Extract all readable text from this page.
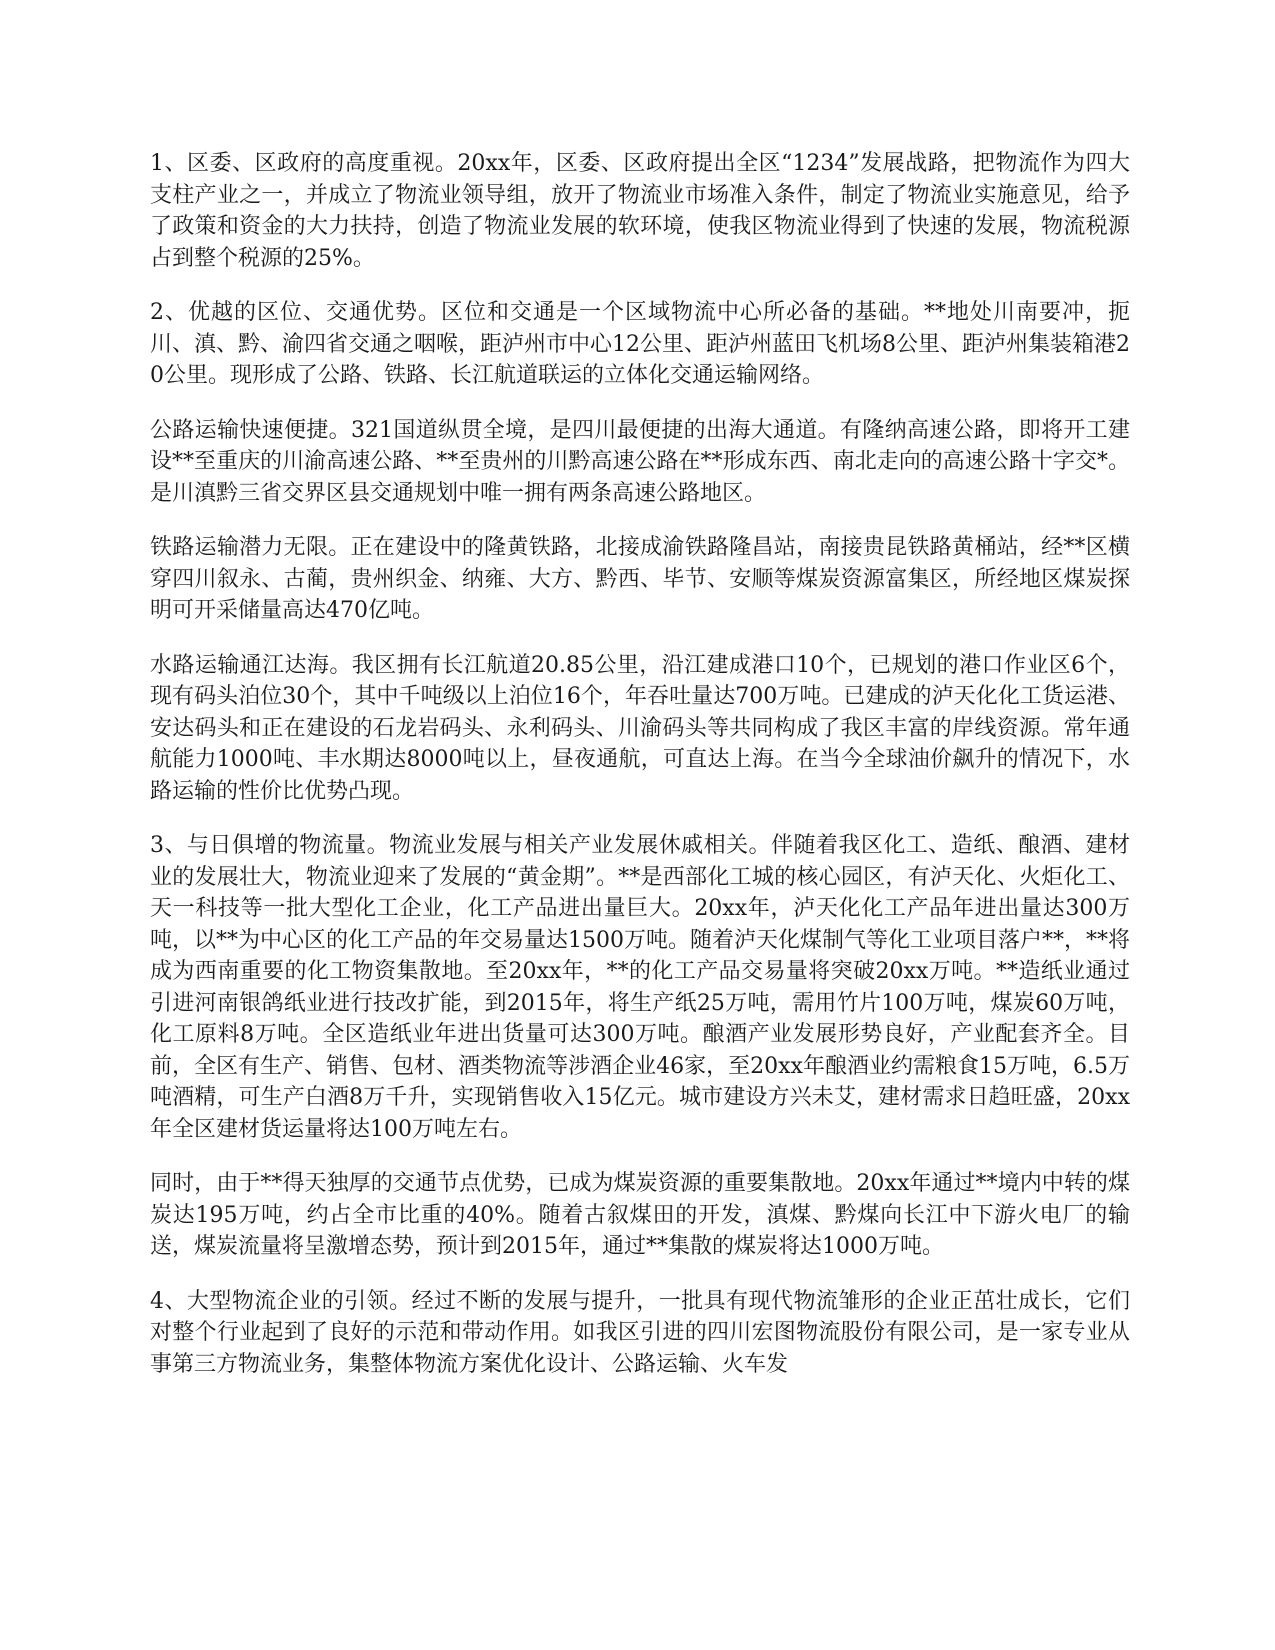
1、区委、区政府的高度重视。20xx年，区委、区政府提出全区“1234”发展战路，把物流作为四大支柱产业之一，并成立了物流业领导组，放开了物流业市场准入条件，制定了物流业实施意见，给予了政策和资金的大力扶持，创造了物流业发展的软环境，使我区物流业得到了快速的发展，物流税源占到整个税源的25%。

2、优越的区位、交通优势。区位和交通是一个区域物流中心所必备的基础。**地处川南要冲，扼川、滇、黔、渝四省交通之咽喉，距泸州市中心12公里、距泸州蓝田飞机场8公里、距泸州集装箱港20公里。现形成了公路、铁路、长江航道联运的立体化交通运输网络。

公路运输快速便捷。321国道纵贯全境，是四川最便捷的出海大通道。有隆纳高速公路，即将开工建设**至重庆的川渝高速公路、**至贵州的川黔高速公路在**形成东西、南北走向的高速公路十字交*。是川滇黔三省交界区县交通规划中唯一拥有两条高速公路地区。

铁路运输潜力无限。正在建设中的隆黄铁路，北接成渝铁路隆昌站，南接贵昆铁路黄桶站，经**区横穿四川叙永、古蔺，贵州织金、纳雍、大方、黔西、毕节、安顺等煤炭资源富集区，所经地区煤炭探明可开采储量高达470亿吨。

水路运输通江达海。我区拥有长江航道20.85公里，沿江建成港口10个，已规划的港口作业区6个，现有码头泊位30个，其中千吨级以上泊位16个，年吞吐量达700万吨。已建成的泸天化化工货运港、安达码头和正在建设的石龙岩码头、永利码头、川渝码头等共同构成了我区丰富的岸线资源。常年通航能力1000吨、丰水期达8000吨以上，昼夜通航，可直达上海。在当今全球油价飙升的情况下，水路运输的性价比优势凸现。

3、与日俱增的物流量。物流业发展与相关产业发展休戚相关。伴随着我区化工、造纸、酿酒、建材业的发展壮大，物流业迎来了发展的“黄金期”。**是西部化工城的核心园区，有泸天化、火炬化工、天一科技等一批大型化工企业，化工产品进出量巨大。20xx年，泸天化化工产品年进出量达300万吨，以**为中心区的化工产品的年交易量达1500万吨。随着泸天化煤制气等化工业项目落户**，**将成为西南重要的化工物资集散地。至20xx年，**的化工产品交易量将突破20xx万吨。**造纸业通过引进河南银鸽纸业进行技改扩能，到2015年，将生产纸25万吨，需用竹片100万吨，煤炭60万吨，化工原料8万吨。全区造纸业年进出货量可达300万吨。酿酒产业发展形势良好，产业配套齐全。目前，全区有生产、销售、包材、酒类物流等涉酒企业46家，至20xx年酿酒业约需粮食15万吨，6.5万吨酒精，可生产白酒8万千升，实现销售收入15亿元。城市建设方兴未艾，建材需求日趋旺盛，20xx年全区建材货运量将达100万吨左右。

同时，由于**得天独厚的交通节点优势，已成为煤炭资源的重要集散地。20xx年通过**境内中转的煤炭达195万吨，约占全市比重的40%。随着古叙煤田的开发，滇煤、黔煤向长江中下游火电厂的输送，煤炭流量将呈激增态势，预计到2015年，通过**集散的煤炭将达1000万吨。

4、大型物流企业的引领。经过不断的发展与提升，一批具有现代物流雏形的企业正茁壮成长，它们对整个行业起到了良好的示范和带动作用。如我区引进的四川宏图物流股份有限公司，是一家专业从事第三方物流业务，集整体物流方案优化设计、公路运输、火车发
